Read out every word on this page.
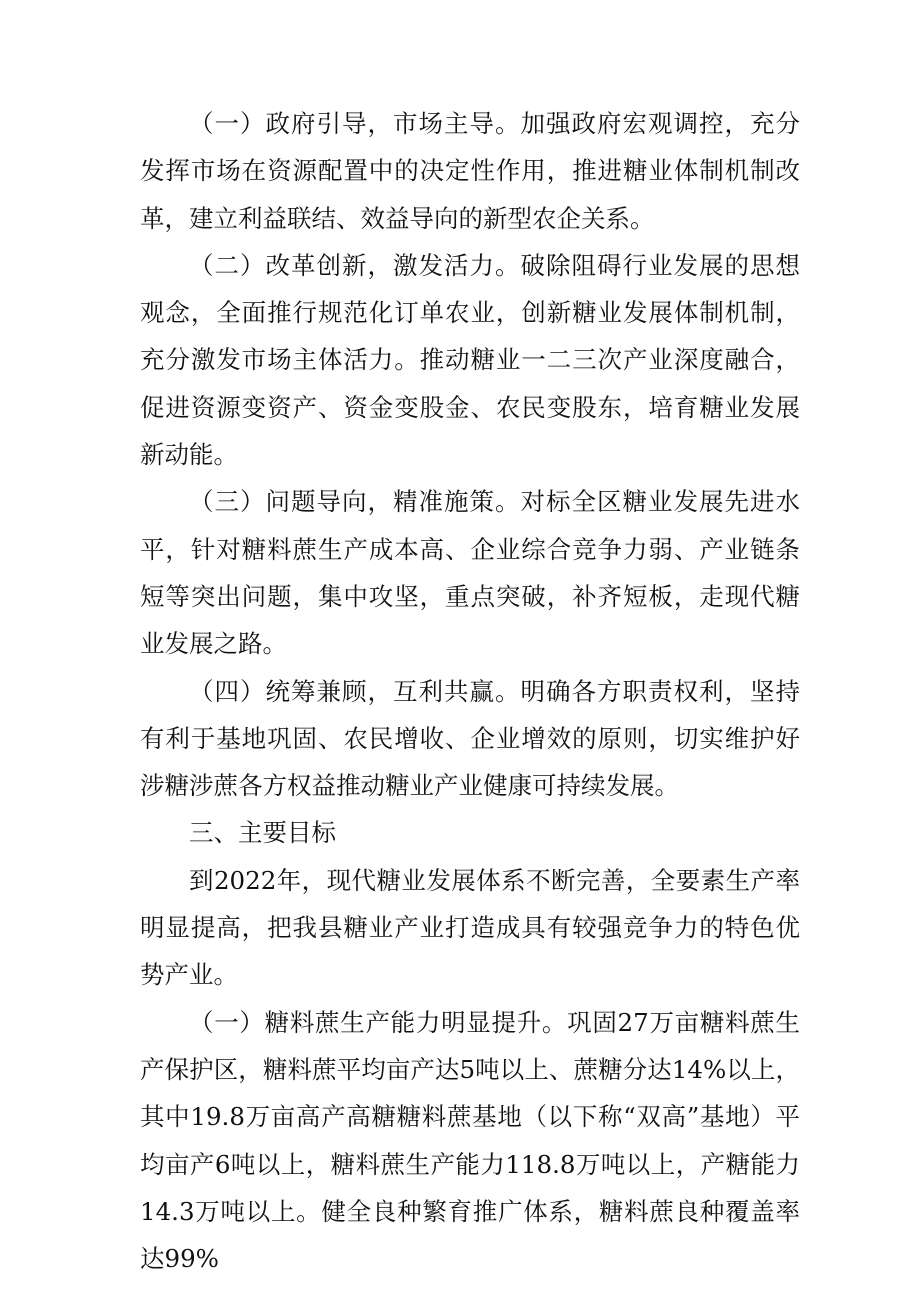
（一）政府引导，市场主导。加强政府宏观调控，充分发挥市场在资源配置中的决定性作用，推进糖业体制机制改革，建立利益联结、效益导向的新型农企关系。

（二）改革创新，激发活力。破除阻碍行业发展的思想观念，全面推行规范化订单农业，创新糖业发展体制机制，充分激发市场主体活力。推动糖业一二三次产业深度融合，促进资源变资产、资金变股金、农民变股东，培育糖业发展新动能。

（三）问题导向，精准施策。对标全区糖业发展先进水平，针对糖料蔗生产成本高、企业综合竞争力弱、产业链条短等突出问题，集中攻坚，重点突破，补齐短板，走现代糖业发展之路。

（四）统筹兼顾，互利共赢。明确各方职责权利，坚持有利于基地巩固、农民增收、企业增效的原则，切实维护好涉糖涉蔗各方权益推动糖业产业健康可持续发展。

三、主要目标

到2022年，现代糖业发展体系不断完善，全要素生产率明显提高，把我县糖业产业打造成具有较强竞争力的特色优势产业。

（一）糖料蔗生产能力明显提升。巩固27万亩糖料蔗生产保护区，糖料蔗平均亩产达5吨以上、蔗糖分达14%以上，其中19.8万亩高产高糖糖料蔗基地（以下称“双高”基地）平均亩产6吨以上，糖料蔗生产能力118.8万吨以上，产糖能力14.3万吨以上。健全良种繁育推广体系，糖料蔗良种覆盖率达99%
